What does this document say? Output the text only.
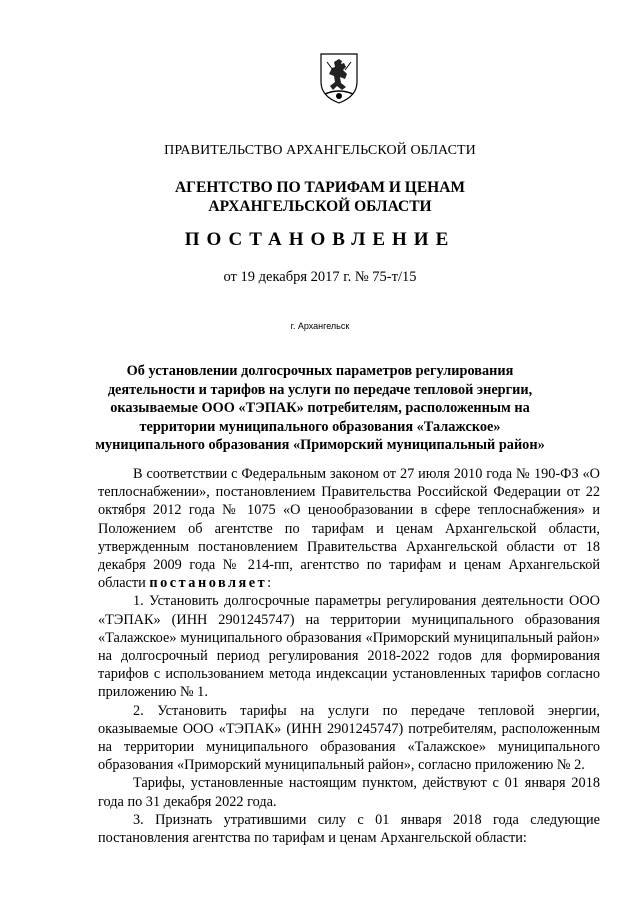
ПРАВИТЕЛЬСТВО АРХАНГЕЛЬСКОЙ ОБЛАСТИ
АГЕНТСТВО ПО ТАРИФАМ И ЦЕНАМ
АРХАНГЕЛЬСКОЙ ОБЛАСТИ
ПОСТАНОВЛЕНИЕ
от 19 декабря 2017 г. № 75-т/15
г. Архангельск
Об установлении долгосрочных параметров регулирования
деятельности и тарифов на услуги по передаче тепловой энергии,
оказываемые ООО «ТЭПАК» потребителям, расположенным на
территории муниципального образования «Талажское»
муниципального образования «Приморский муниципальный район»

В соответствии с Федеральным законом от 27 июля 2010 года № 190-ФЗ «О теплоснабжении», постановлением Правительства Российской Федерации от 22 октября 2012 года № 1075 «О ценообразовании в сфере теплоснабжения» и Положением об агентстве по тарифам и ценам Архангельской области, утвержденным постановлением Правительства Архангельской области от 18 декабря 2009 года № 214-пп, агентство по тарифам и ценам Архангельской области постановляет:

1. Установить долгосрочные параметры регулирования деятельности ООО «ТЭПАК» (ИНН 2901245747) на территории муниципального образования «Талажское» муниципального образования «Приморский муниципальный район» на долгосрочный период регулирования 2018-2022 годов для формирования тарифов с использованием метода индексации установленных тарифов согласно приложению № 1.

2. Установить тарифы на услуги по передаче тепловой энергии, оказываемые ООО «ТЭПАК» (ИНН 2901245747) потребителям, расположенным на территории муниципального образования «Талажское» муниципального образования «Приморский муниципальный район», согласно приложению № 2.

Тарифы, установленные настоящим пунктом, действуют с 01 января 2018 года по 31 декабря 2022 года.

3. Признать утратившими силу с 01 января 2018 года следующие постановления агентства по тарифам и ценам Архангельской области:
